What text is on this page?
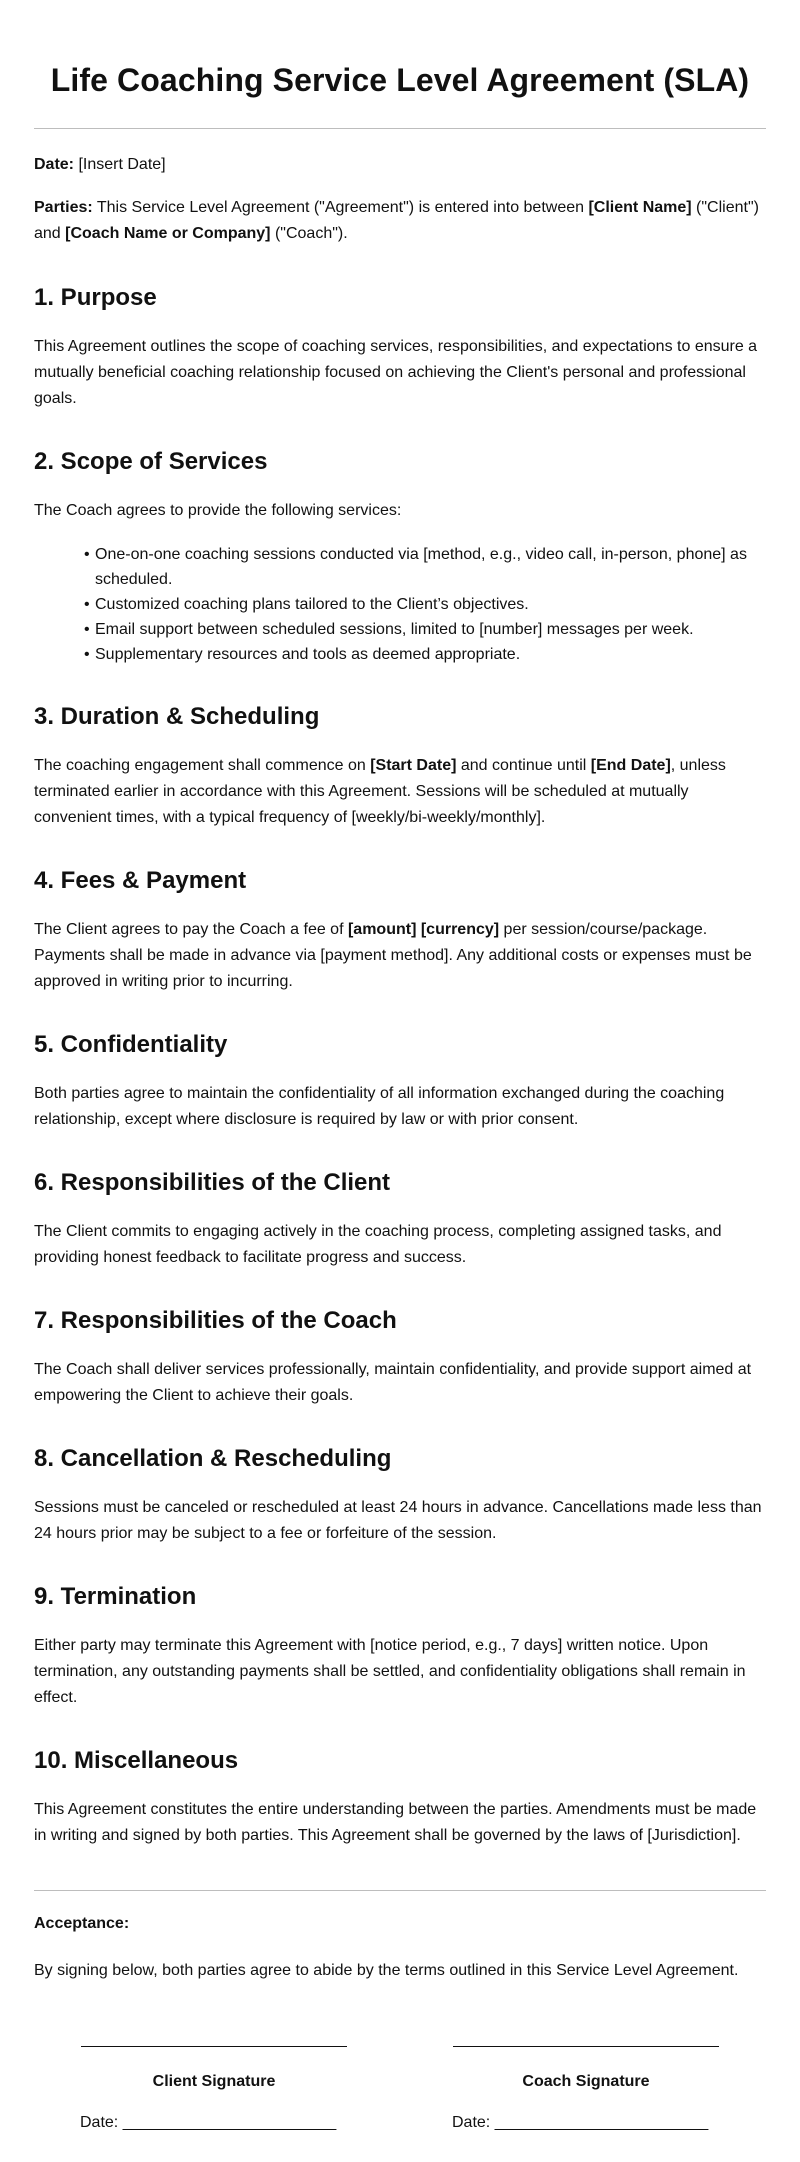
Life Coaching Service Level Agreement (SLA)

Date: [Insert Date]

Parties: This Service Level Agreement ("Agreement") is entered into between [Client Name] ("Client") and [Coach Name or Company] ("Coach").

1. Purpose

This Agreement outlines the scope of coaching services, responsibilities, and expectations to ensure a mutually beneficial coaching relationship focused on achieving the Client's personal and professional goals.

2. Scope of Services

The Coach agrees to provide the following services:

• One-on-one coaching sessions conducted via [method, e.g., video call, in-person, phone] as scheduled.
• Customized coaching plans tailored to the Client’s objectives.
• Email support between scheduled sessions, limited to [number] messages per week.
• Supplementary resources and tools as deemed appropriate.
3. Duration & Scheduling

The coaching engagement shall commence on [Start Date] and continue until [End Date], unless terminated earlier in accordance with this Agreement. Sessions will be scheduled at mutually convenient times, with a typical frequency of [weekly/bi-weekly/monthly].

4. Fees & Payment

The Client agrees to pay the Coach a fee of [amount] [currency] per session/course/package. Payments shall be made in advance via [payment method]. Any additional costs or expenses must be approved in writing prior to incurring.

5. Confidentiality

Both parties agree to maintain the confidentiality of all information exchanged during the coaching relationship, except where disclosure is required by law or with prior consent.

6. Responsibilities of the Client

The Client commits to engaging actively in the coaching process, completing assigned tasks, and providing honest feedback to facilitate progress and success.

7. Responsibilities of the Coach

The Coach shall deliver services professionally, maintain confidentiality, and provide support aimed at empowering the Client to achieve their goals.

8. Cancellation & Rescheduling

Sessions must be canceled or rescheduled at least 24 hours in advance. Cancellations made less than 24 hours prior may be subject to a fee or forfeiture of the session.

9. Termination

Either party may terminate this Agreement with [notice period, e.g., 7 days] written notice. Upon termination, any outstanding payments shall be settled, and confidentiality obligations shall remain in effect.

10. Miscellaneous

This Agreement constitutes the entire understanding between the parties. Amendments must be made in writing and signed by both parties. This Agreement shall be governed by the laws of [Jurisdiction].

Acceptance:

By signing below, both parties agree to abide by the terms outlined in this Service Level Agreement.

Client Signature
Date: ________________________
Coach Signature
Date: ________________________
